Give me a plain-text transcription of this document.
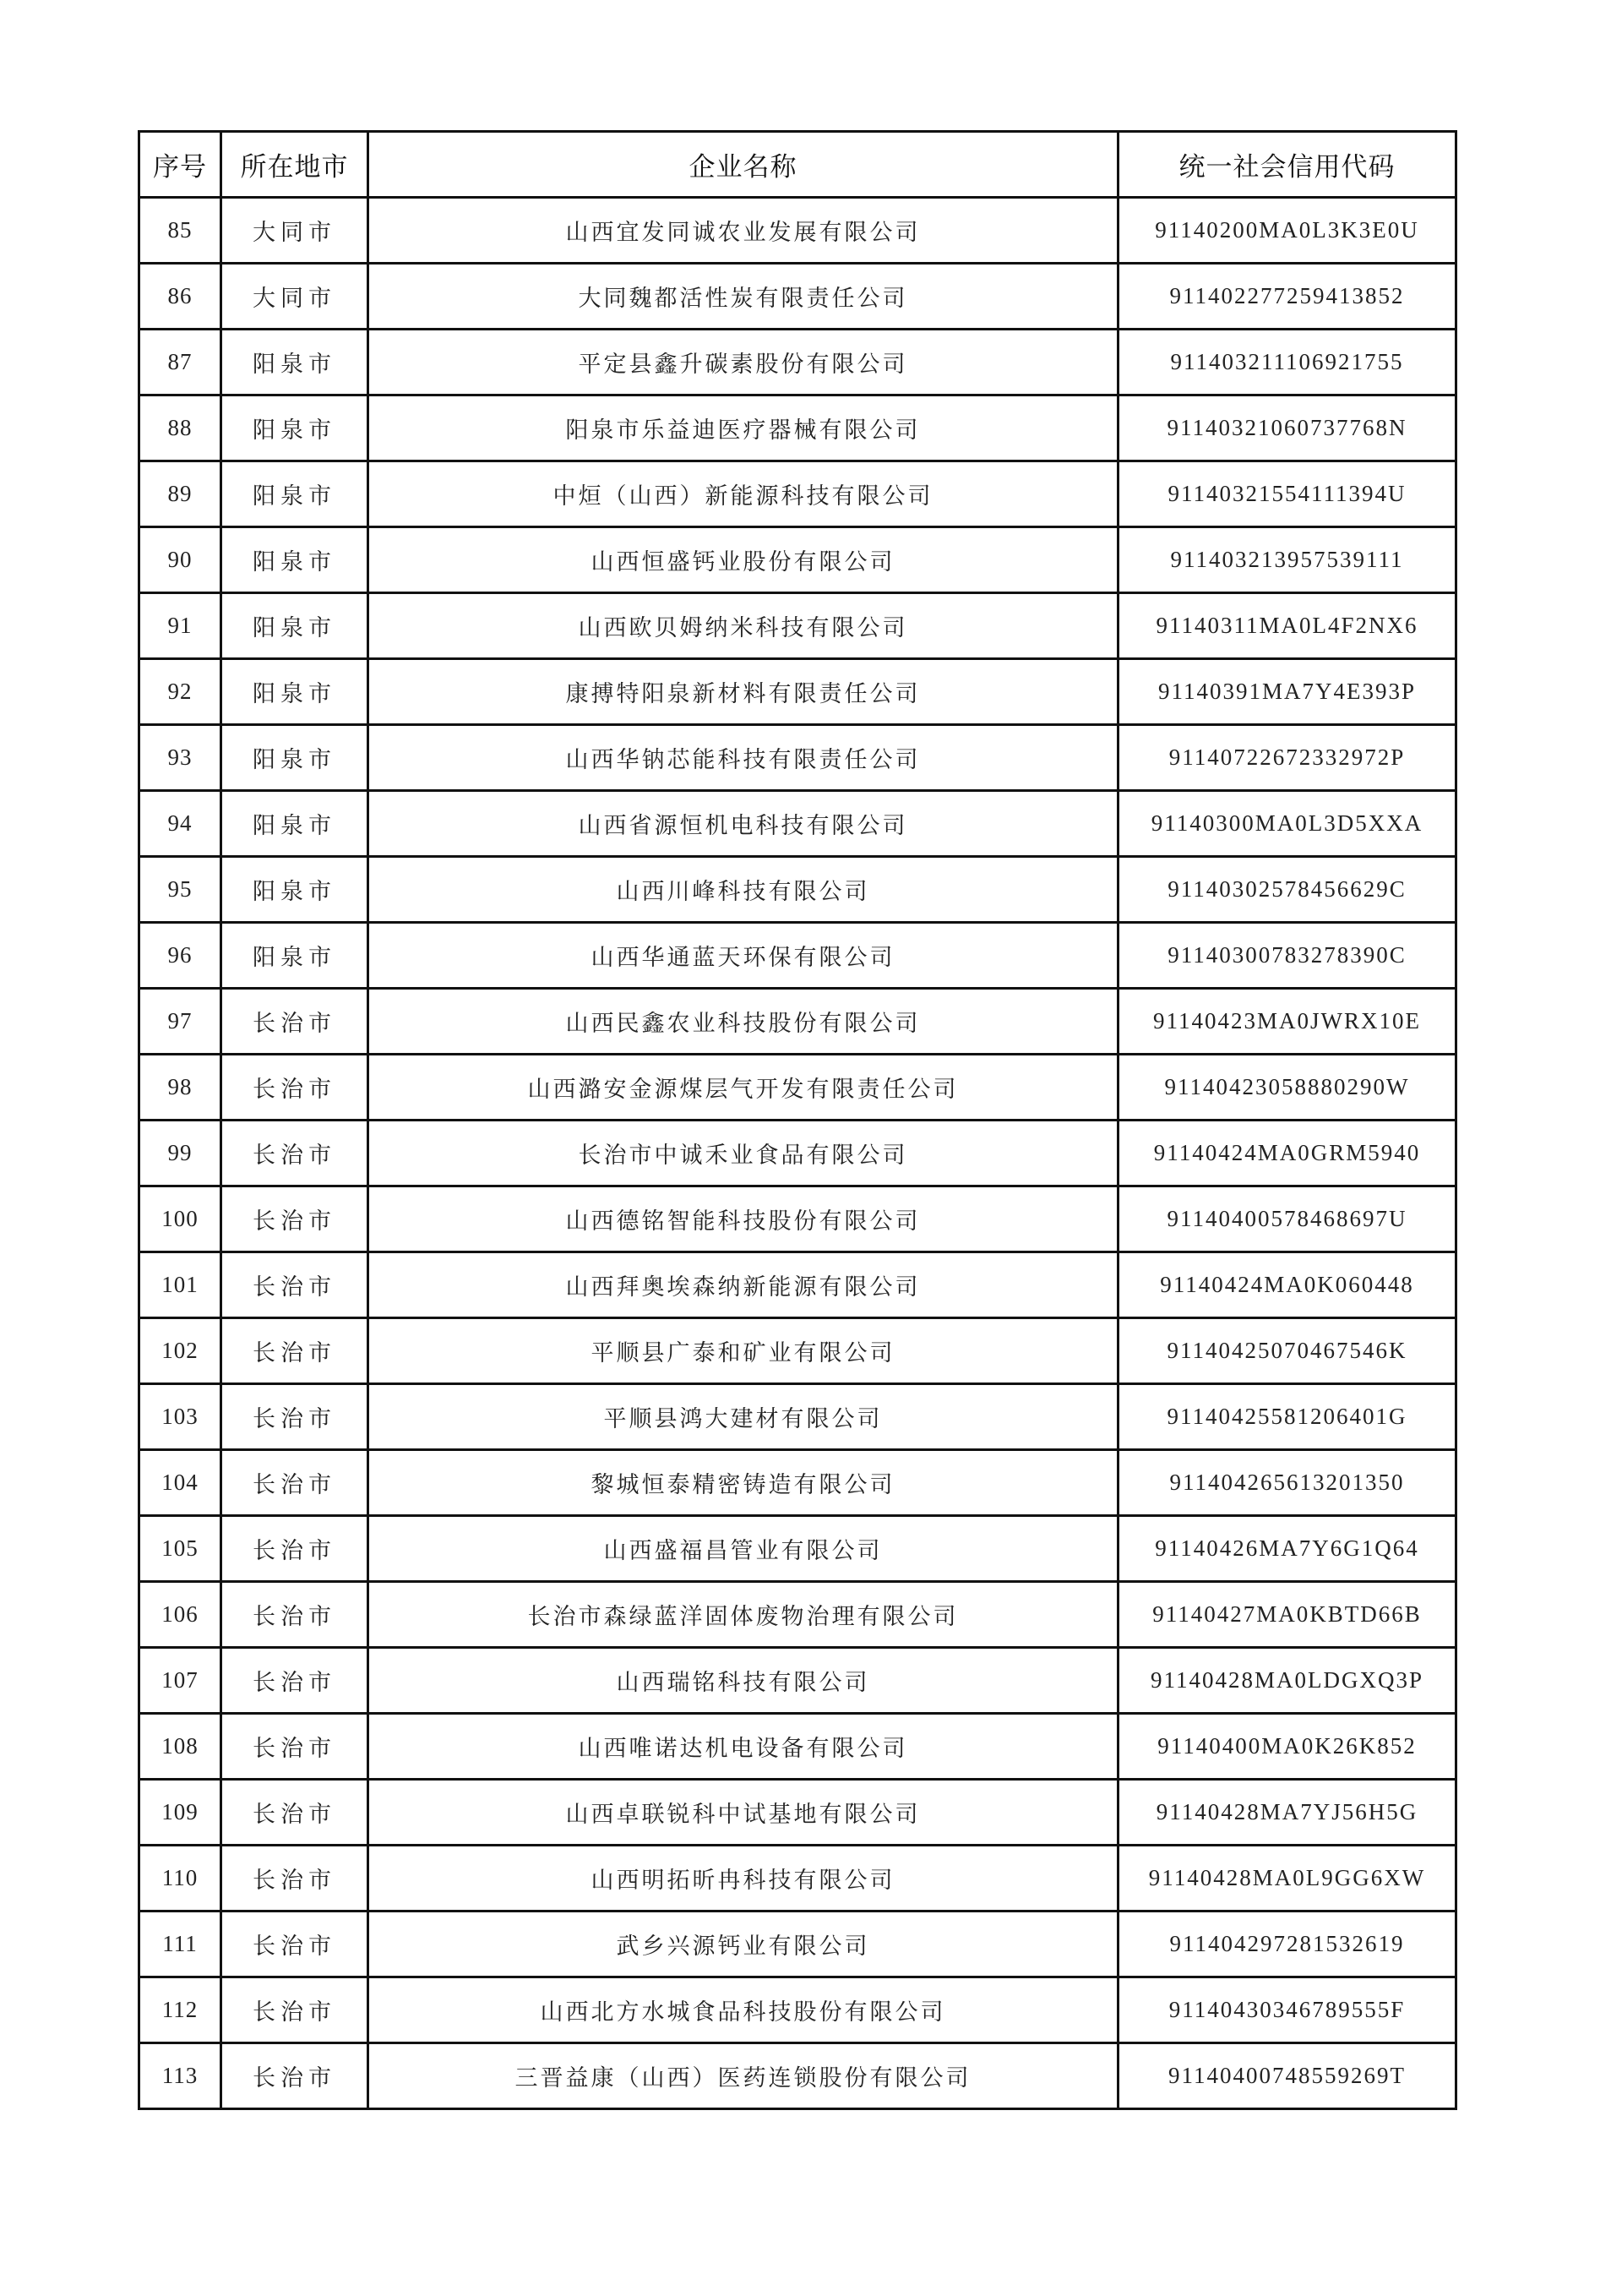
序号	所在地市	企业名称	统一社会信用代码
85	大同市	山西宜发同诚农业发展有限公司	91140200MA0L3K3E0U
86	大同市	大同魏都活性炭有限责任公司	911402277259413852
87	阳泉市	平定县鑫升碳素股份有限公司	911403211106921755
88	阳泉市	阳泉市乐益迪医疗器械有限公司	91140321060737768N
89	阳泉市	中烜（山西）新能源科技有限公司	91140321554111394U
90	阳泉市	山西恒盛钙业股份有限公司	911403213957539111
91	阳泉市	山西欧贝姆纳米科技有限公司	91140311MA0L4F2NX6
92	阳泉市	康搏特阳泉新材料有限责任公司	91140391MA7Y4E393P
93	阳泉市	山西华钠芯能科技有限责任公司	91140722672332972P
94	阳泉市	山西省源恒机电科技有限公司	91140300MA0L3D5XXA
95	阳泉市	山西川峰科技有限公司	91140302578456629C
96	阳泉市	山西华通蓝天环保有限公司	91140300783278390C
97	长治市	山西民鑫农业科技股份有限公司	91140423MA0JWRX10E
98	长治市	山西潞安金源煤层气开发有限责任公司	91140423058880290W
99	长治市	长治市中诚禾业食品有限公司	91140424MA0GRM5940
100	长治市	山西德铭智能科技股份有限公司	91140400578468697U
101	长治市	山西拜奥埃森纳新能源有限公司	91140424MA0K060448
102	长治市	平顺县广泰和矿业有限公司	91140425070467546K
103	长治市	平顺县鸿大建材有限公司	91140425581206401G
104	长治市	黎城恒泰精密铸造有限公司	911404265613201350
105	长治市	山西盛福昌管业有限公司	91140426MA7Y6G1Q64
106	长治市	长治市森绿蓝洋固体废物治理有限公司	91140427MA0KBTD66B
107	长治市	山西瑞铭科技有限公司	91140428MA0LDGXQ3P
108	长治市	山西唯诺达机电设备有限公司	91140400MA0K26K852
109	长治市	山西卓联锐科中试基地有限公司	91140428MA7YJ56H5G
110	长治市	山西明拓昕冉科技有限公司	91140428MA0L9GG6XW
111	长治市	武乡兴源钙业有限公司	911404297281532619
112	长治市	山西北方水城食品科技股份有限公司	91140430346789555F
113	长治市	三晋益康（山西）医药连锁股份有限公司	91140400748559269T
